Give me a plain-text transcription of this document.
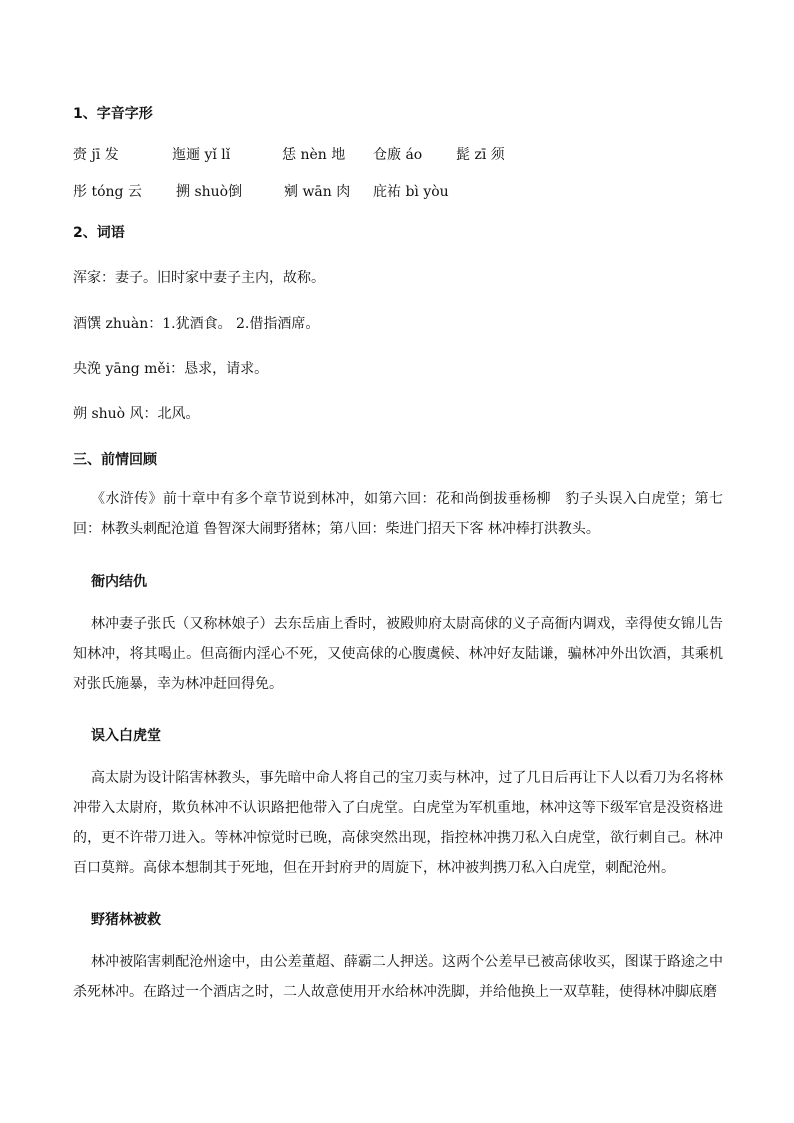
1、字音字形
赍 jī 发	迤逦 yǐ lǐ	恁 nèn 地 仓廒 áo 髭 zī 须
彤 tóng 云 搠 shuò倒	剜 wān 肉 庇祐 bì yòu
2、词语
浑家：妻子。旧时家中妻子主内，故称。
酒馔 zhuàn：1.犹酒食。 2.借指酒席。
央浼 yāng měi：恳求，请求。
朔 shuò 风：北风。
三、前情回顾
《水浒传》前十章中有多个章节说到林冲，如第六回：花和尚倒拔垂杨柳　豹子头误入白虎堂；第七回：林教头刺配沧道 鲁智深大闹野猪林；第八回：柴进门招天下客 林冲棒打洪教头。
衙内结仇
林冲妻子张氏（又称林娘子）去东岳庙上香时，被殿帅府太尉高俅的义子高衙内调戏，幸得使女锦儿告知林冲，将其喝止。但高衙内淫心不死，又使高俅的心腹虞候、林冲好友陆谦，骗林冲外出饮酒，其乘机对张氏施暴，幸为林冲赶回得免。
误入白虎堂
高太尉为设计陷害林教头，事先暗中命人将自己的宝刀卖与林冲，过了几日后再让下人以看刀为名将林冲带入太尉府，欺负林冲不认识路把他带入了白虎堂。白虎堂为军机重地，林冲这等下级军官是没资格进的，更不许带刀进入。等林冲惊觉时已晚，高俅突然出现，指控林冲携刀私入白虎堂，欲行刺自己。林冲百口莫辩。高俅本想制其于死地，但在开封府尹的周旋下，林冲被判携刀私入白虎堂，刺配沧州。
野猪林被救
林冲被陷害刺配沧州途中，由公差董超、薛霸二人押送。这两个公差早已被高俅收买，图谋于路途之中杀死林冲。在路过一个酒店之时，二人故意使用开水给林冲洗脚，并给他换上一双草鞋，使得林冲脚底磨
